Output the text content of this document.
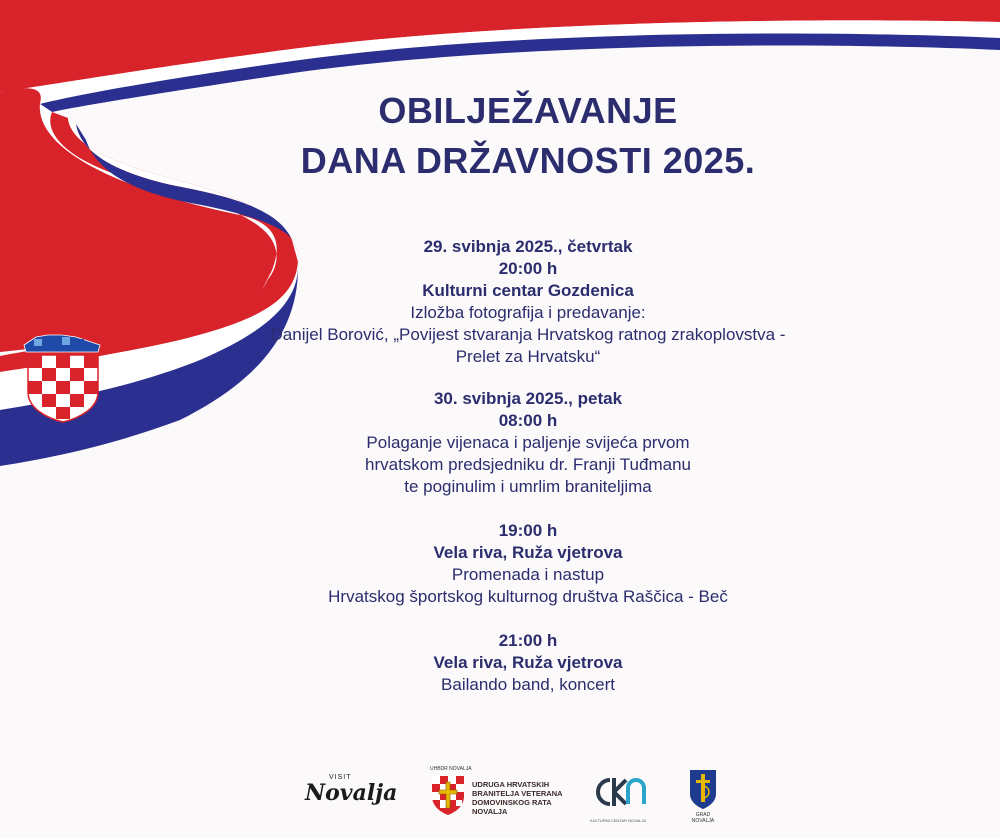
OBILJEŽAVANJE
DANA DRŽAVNOSTI 2025.
29. svibnja 2025., četvrtak
20:00 h
Kulturni centar Gozdenica
Izložba fotografija i predavanje:
Danijel Borović, „Povijest stvaranja Hrvatskog ratnog zrakoplovstva -
Prelet za Hrvatsku“
30. svibnja 2025., petak
08:00 h
Polaganje vijenaca i paljenje svijeća prvom
hrvatskom predsjedniku dr. Franji Tuđmanu
te poginulim i umrlim braniteljima
19:00 h
Vela riva, Ruža vjetrova
Promenada i nastup
Hrvatskog športskog kulturnog društva Raščica - Beč
21:00 h
Vela riva, Ruža vjetrova
Bailando band, koncert
VISIT
Novalja
UHBDR NOVALJA
UDRUGA HRVATSKIH BRANITELJA VETERANA DOMOVINSKOG RATA NOVALJA
KULTURNI CENTAR NOVALJA
GRAD NOVALJA
